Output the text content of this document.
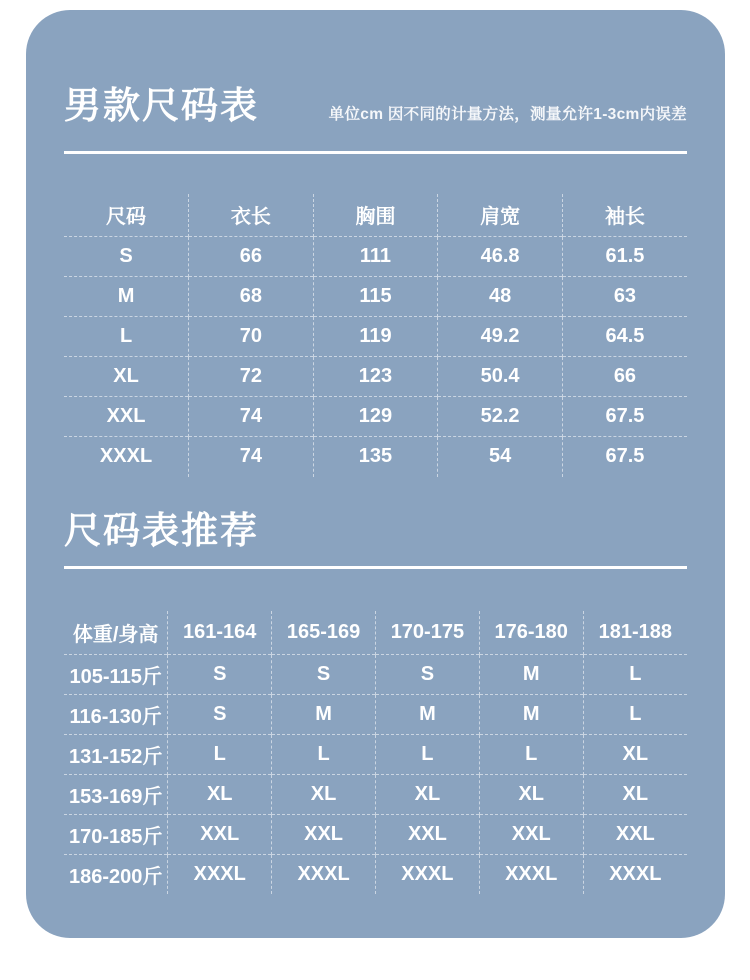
男款尺码表	单位cm 因不同的计量方法，测量允许1-3cm内误差
尺码	衣长	胸围	肩宽	袖长
S	66	111	46.8	61.5
M	68	115	48	63
L	70	119	49.2	64.5
XL	72	123	50.4	66
XXL	74	129	52.2	67.5
XXXL	74	135	54	67.5
尺码表推荐
体重/身高	161-164	165-169	170-175	176-180	181-188
105-115斤	S	S	S	M	L
116-130斤	S	M	M	M	L
131-152斤	L	L	L	L	XL
153-169斤	XL	XL	XL	XL	XL
170-185斤	XXL	XXL	XXL	XXL	XXL
186-200斤	XXXL	XXXL	XXXL	XXXL	XXXL
